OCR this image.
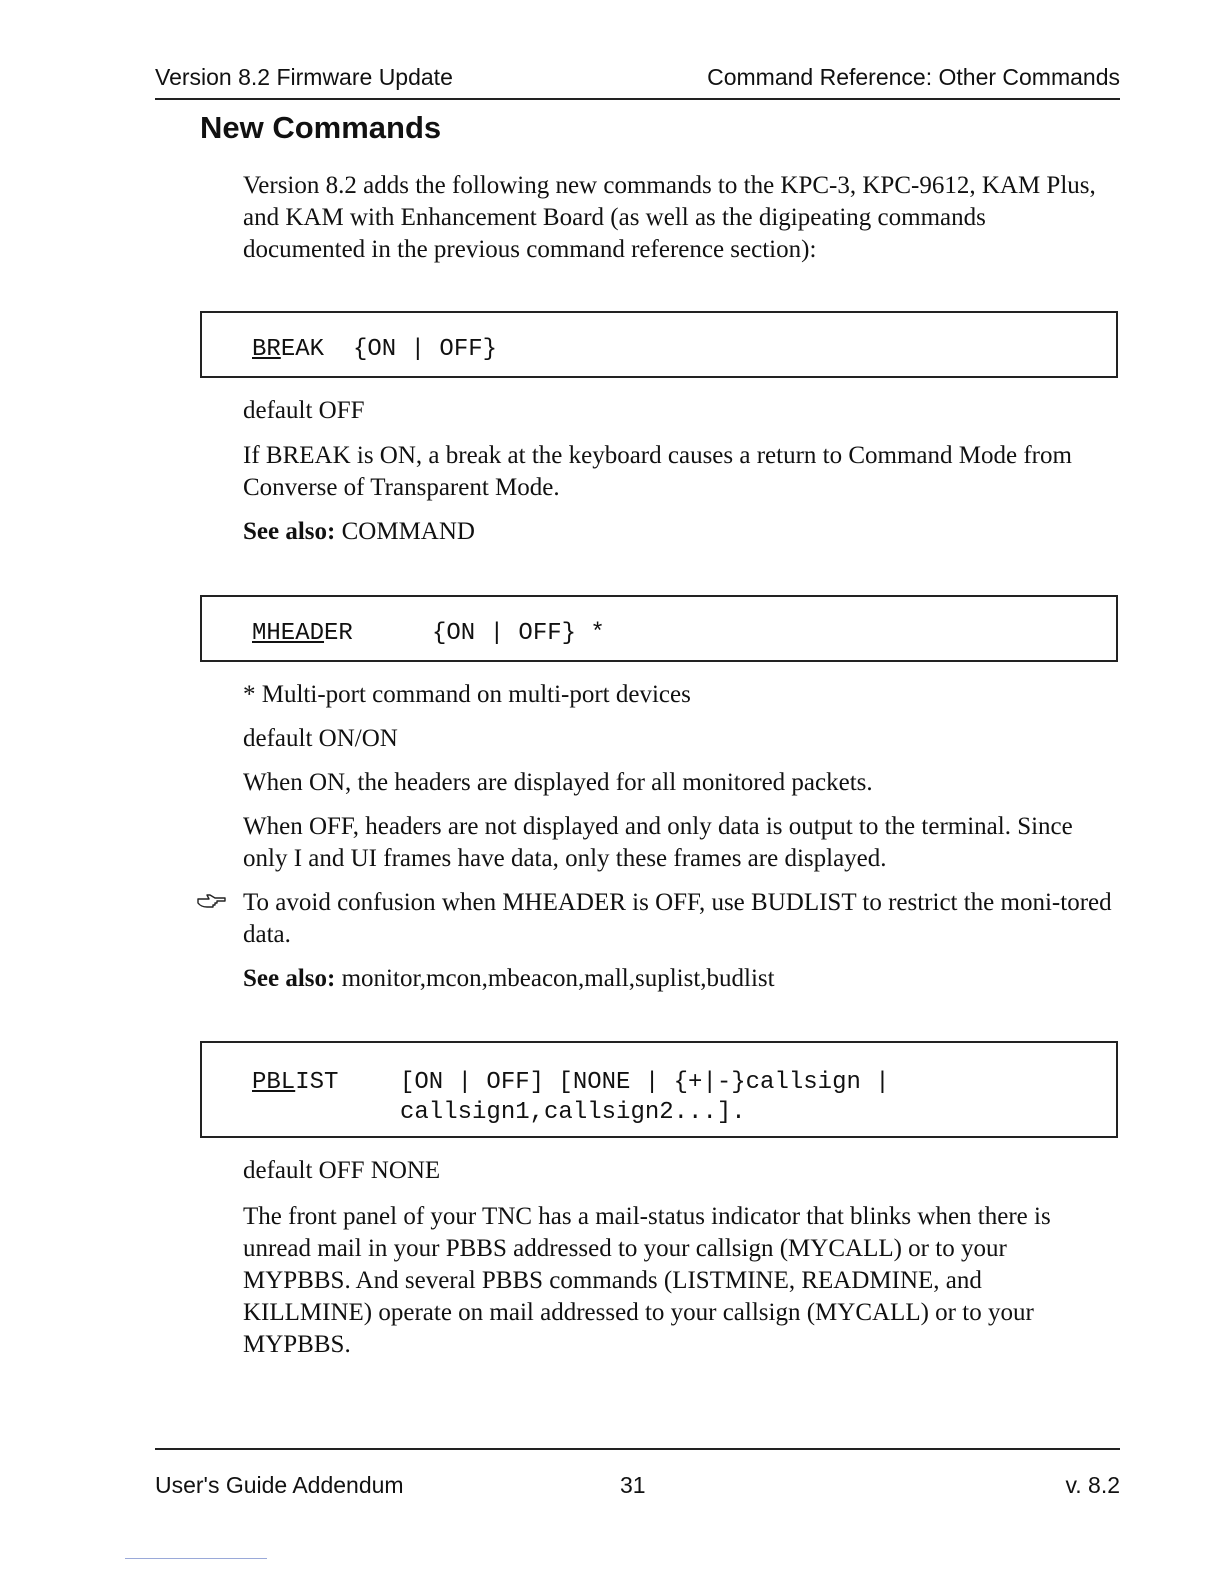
Version 8.2 Firmware Update	Command Reference: Other Commands
New Commands

Version 8.2 adds the following new commands to the KPC-3, KPC-9612, KAM Plus, and KAM with Enhancement Board (as well as the digipeating commands documented in the previous command reference section):

BREAK {ON | OFF}

default OFF

If BREAK is ON, a break at the keyboard causes a return to Command Mode from Converse of Transparent Mode.

See also: COMMAND

MHEADER	{ON | OFF} *

* Multi-port command on multi-port devices

default ON/ON

When ON, the headers are displayed for all monitored packets.

When OFF, headers are not displayed and only data is output to the terminal. Since only I and UI frames have data, only these frames are displayed.

To avoid confusion when MHEADER is OFF, use BUDLIST to restrict the moni-tored data.

See also: monitor,mcon,mbeacon,mall,suplist,budlist

PBLIST	[ON | OFF] [NONE | {+|-}callsign |
callsign1,callsign2...].

default OFF NONE

The front panel of your TNC has a mail-status indicator that blinks when there is unread mail in your PBBS addressed to your callsign (MYCALL) or to your MYPBBS. And several PBBS commands (LISTMINE, READMINE, and KILLMINE) operate on mail addressed to your callsign (MYCALL) or to your MYPBBS.

User's Guide Addendum	31	v. 8.2
